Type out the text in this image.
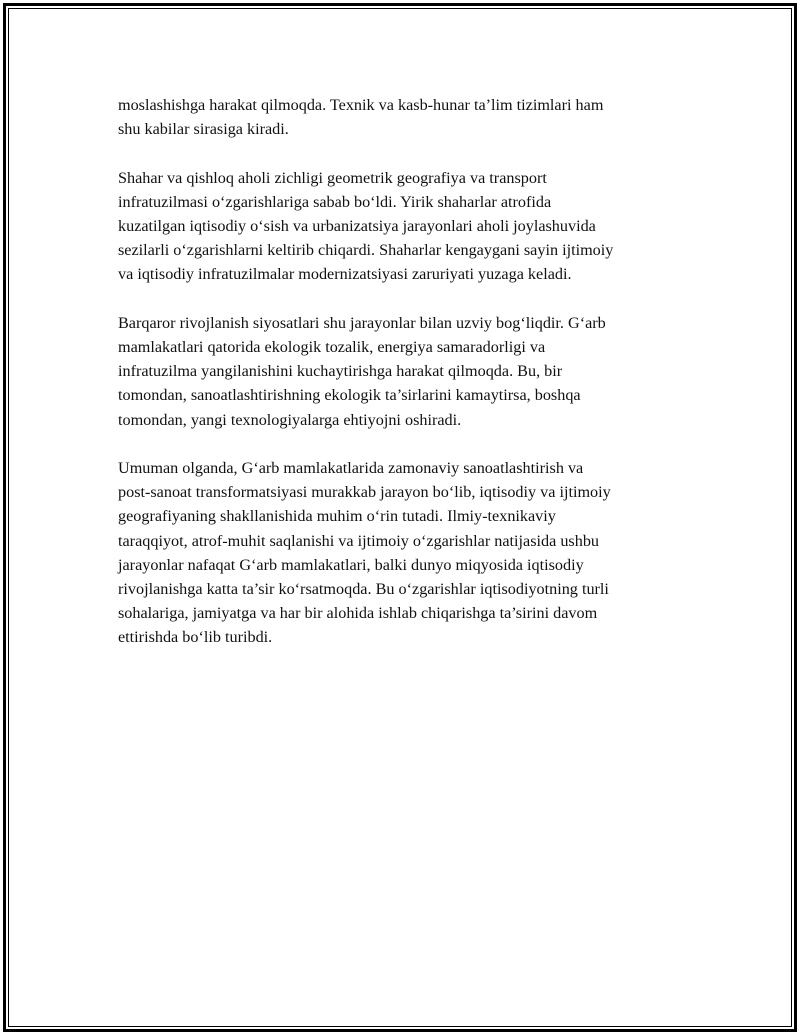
moslashishga harakat qilmoqda. Texnik va kasb-hunar ta’lim tizimlari ham
shu kabilar sirasiga kiradi.

Shahar va qishloq aholi zichligi geometrik geografiya va transport
infratuzilmasi o‘zgarishlariga sabab bo‘ldi. Yirik shaharlar atrofida
kuzatilgan iqtisodiy o‘sish va urbanizatsiya jarayonlari aholi joylashuvida
sezilarli o‘zgarishlarni keltirib chiqardi. Shaharlar kengaygani sayin ijtimoiy
va iqtisodiy infratuzilmalar modernizatsiyasi zaruriyati yuzaga keladi.

Barqaror rivojlanish siyosatlari shu jarayonlar bilan uzviy bog‘liqdir. G‘arb
mamlakatlari qatorida ekologik tozalik, energiya samaradorligi va
infratuzilma yangilanishini kuchaytirishga harakat qilmoqda. Bu, bir
tomondan, sanoatlashtirishning ekologik ta’sirlarini kamaytirsa, boshqa
tomondan, yangi texnologiyalarga ehtiyojni oshiradi.

Umuman olganda, G‘arb mamlakatlarida zamonaviy sanoatlashtirish va
post-sanoat transformatsiyasi murakkab jarayon bo‘lib, iqtisodiy va ijtimoiy
geografiyaning shakllanishida muhim o‘rin tutadi. Ilmiy-texnikaviy
taraqqiyot, atrof-muhit saqlanishi va ijtimoiy o‘zgarishlar natijasida ushbu
jarayonlar nafaqat G‘arb mamlakatlari, balki dunyo miqyosida iqtisodiy
rivojlanishga katta ta’sir ko‘rsatmoqda. Bu o‘zgarishlar iqtisodiyotning turli
sohalariga, jamiyatga va har bir alohida ishlab chiqarishga ta’sirini davom
ettirishda bo‘lib turibdi.
